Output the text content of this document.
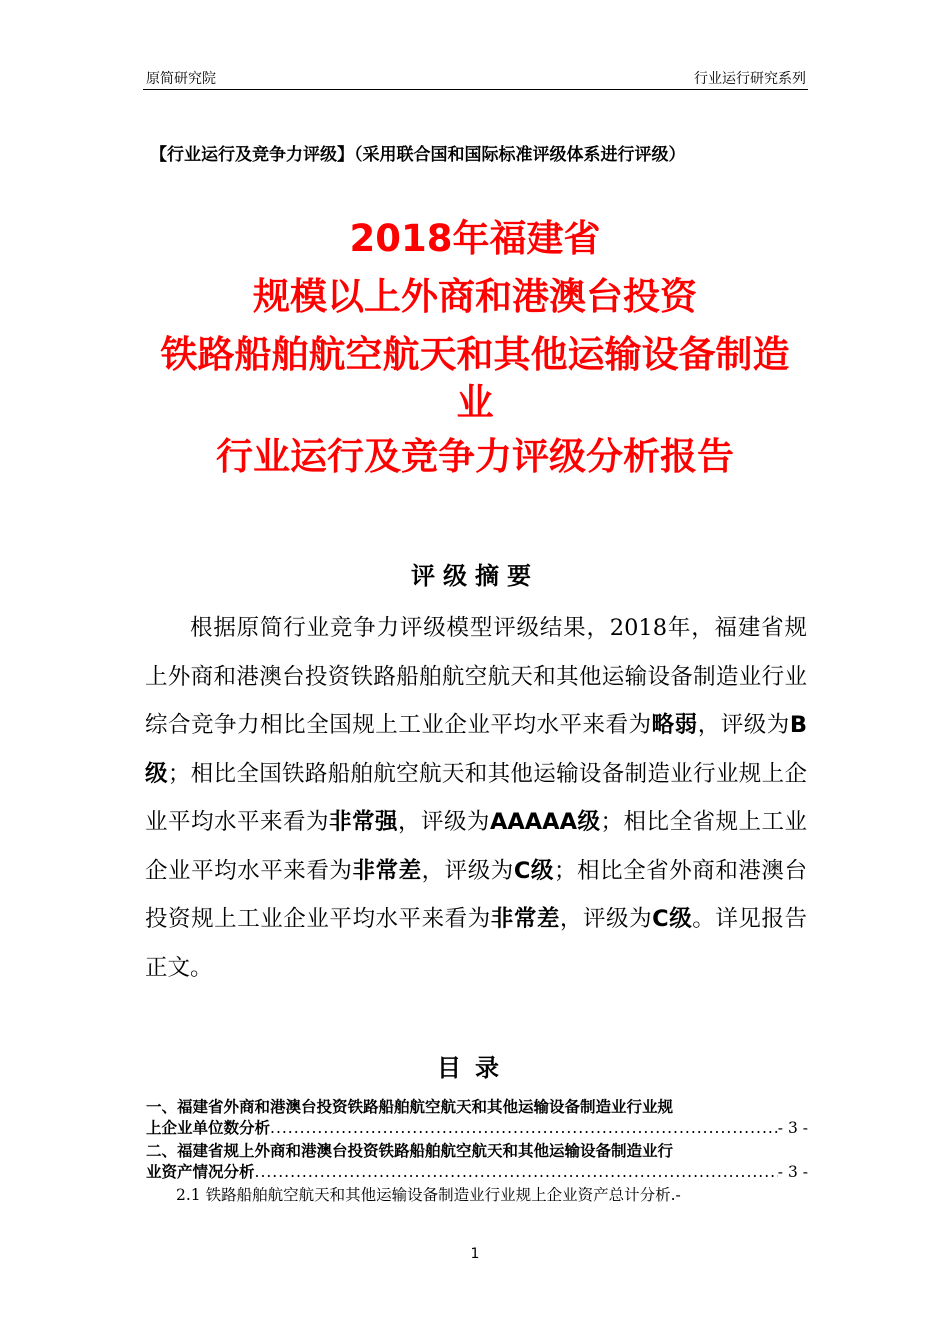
原简研究院	行业运行研究系列
【行业运行及竞争力评级】（采用联合国和国际标准评级体系进行评级）
2018年福建省
规模以上外商和港澳台投资
铁路船舶航空航天和其他运输设备制造
业
行业运行及竞争力评级分析报告
评级摘要

根据原简行业竞争力评级模型评级结果，2018年，福建省规上外商和港澳台投资铁路船舶航空航天和其他运输设备制造业行业综合竞争力相比全国规上工业企业平均水平来看为略弱，评级为B级；相比全国铁路船舶航空航天和其他运输设备制造业行业规上企业平均水平来看为非常强，评级为AAAAA级；相比全省规上工业企业平均水平来看为非常差，评级为C级；相比全省外商和港澳台投资规上工业企业平均水平来看为非常差，评级为C级。详见报告正文。

目录
一、福建省外商和港澳台投资铁路船舶航空航天和其他运输设备制造业行业规
上企业单位数分析 .....	- 3 -
二、福建省规上外商和港澳台投资铁路船舶航空航天和其他运输设备制造业行
业资产情况分析 .....	- 3 -
2.1 铁路船舶航空航天和其他运输设备制造业行业规上企业资产总计分析.-
1
